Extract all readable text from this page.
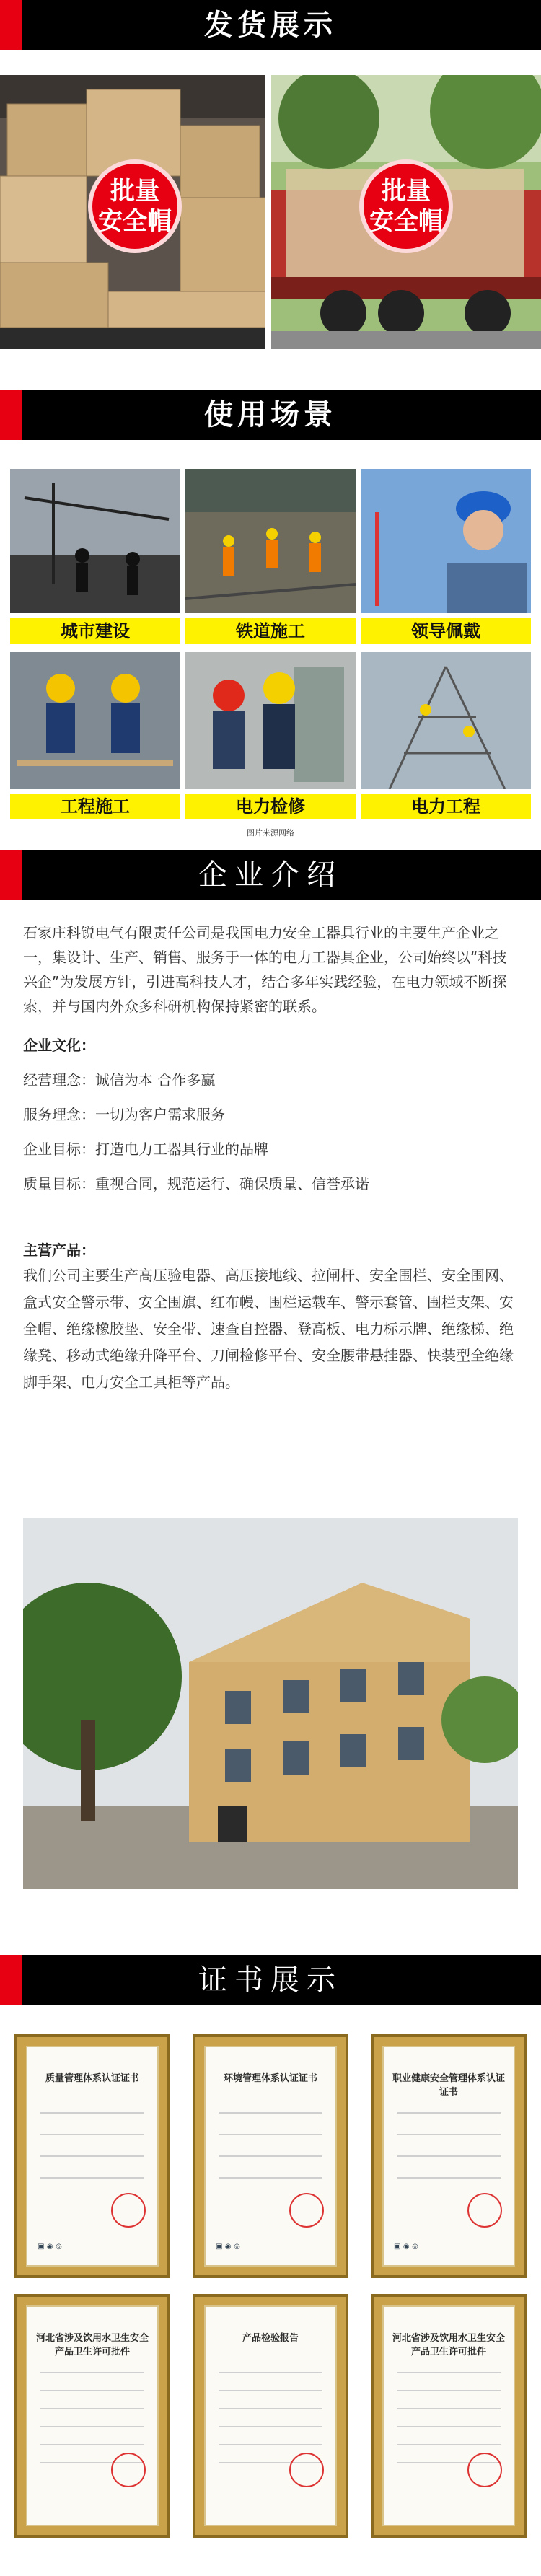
发货展示
批量
安全帽
批量
安全帽
使用场景
城市建设	铁道施工	领导佩戴
工程施工	电力检修	电力工程
图片来源网络
企业介绍

石家庄科锐电气有限责任公司是我国电力安全工器具行业的主要生产企业之一，集设计、生产、销售、服务于一体的电力工器具企业，公司始终以“科技兴企”为发展方针，引进高科技人才，结合多年实践经验，在电力领域不断探索，并与国内外众多科研机构保持紧密的联系。

企业文化：

经营理念：诚信为本 合作多赢

服务理念：一切为客户需求服务

企业目标：打造电力工器具行业的品牌

质量目标：重视合同，规范运行、确保质量、信誉承诺

主营产品：

我们公司主要生产高压验电器、高压接地线、拉闸杆、安全围栏、安全围网、盒式安全警示带、安全围旗、红布幔、围栏运载车、警示套管、围栏支架、安全帽、绝缘橡胶垫、安全带、速查自控器、登高板、电力标示牌、绝缘梯、绝缘凳、移动式绝缘升降平台、刀闸检修平台、安全腰带悬挂器、快装型全绝缘脚手架、电力安全工具柜等产品。

证书展示
质量管理体系认证证书
▣ ◉ ◎
环境管理体系认证证书
▣ ◉ ◎
职业健康安全管理体系认证证书
▣ ◉ ◎
河北省涉及饮用水卫生安全产品卫生许可批件
产品检验报告	河北省涉及饮用水卫生安全产品卫生许可批件
